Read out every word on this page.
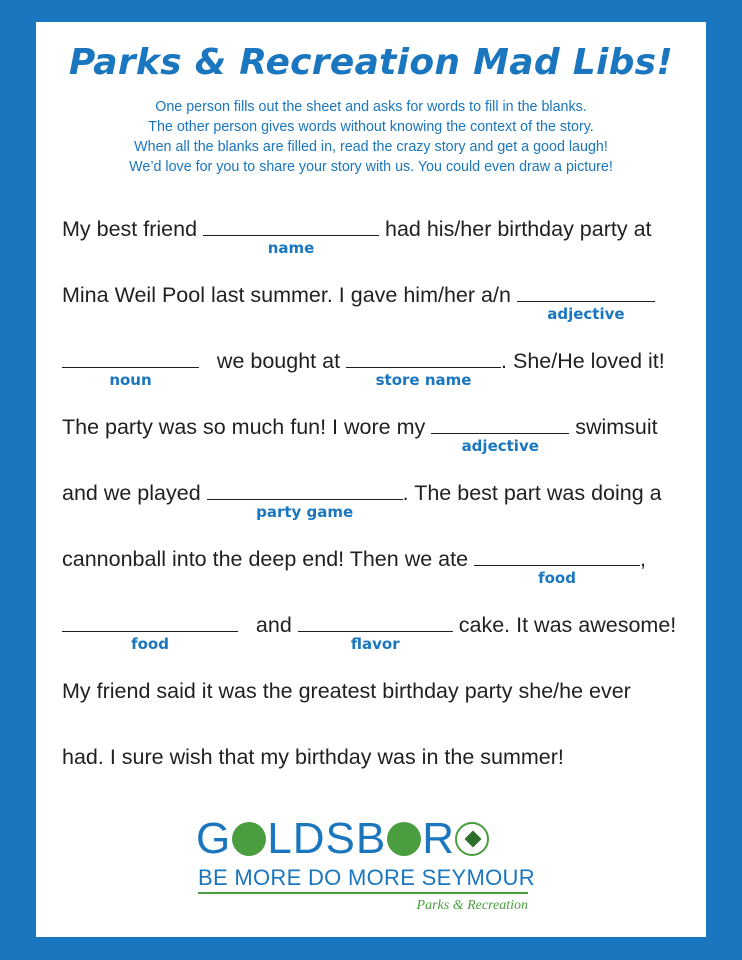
Parks & Recreation Mad Libs!
One person fills out the sheet and asks for words to fill in the blanks.
The other person gives words without knowing the context of the story.
When all the blanks are filled in, read the crazy story and get a good laugh!
We’d love for you to share your story with us. You could even draw a picture!
My best friend
name
had his/her birthday party at
Mina Weil Pool last summer. I gave him/her a/n
adjective
noun
we bought at
store name
. She/He loved it!
The party was so much fun! I wore my
adjective
swimsuit
and we played
party game
. The best part was doing a
cannonball into the deep end! Then we ate
food
,
food
and
flavor
cake. It was awesome!
My friend said it was the greatest birthday party she/he ever
had. I sure wish that my birthday was in the summer!
G LDSB R
BE MORE DO MORE SEYMOUR
Parks & Recreation
